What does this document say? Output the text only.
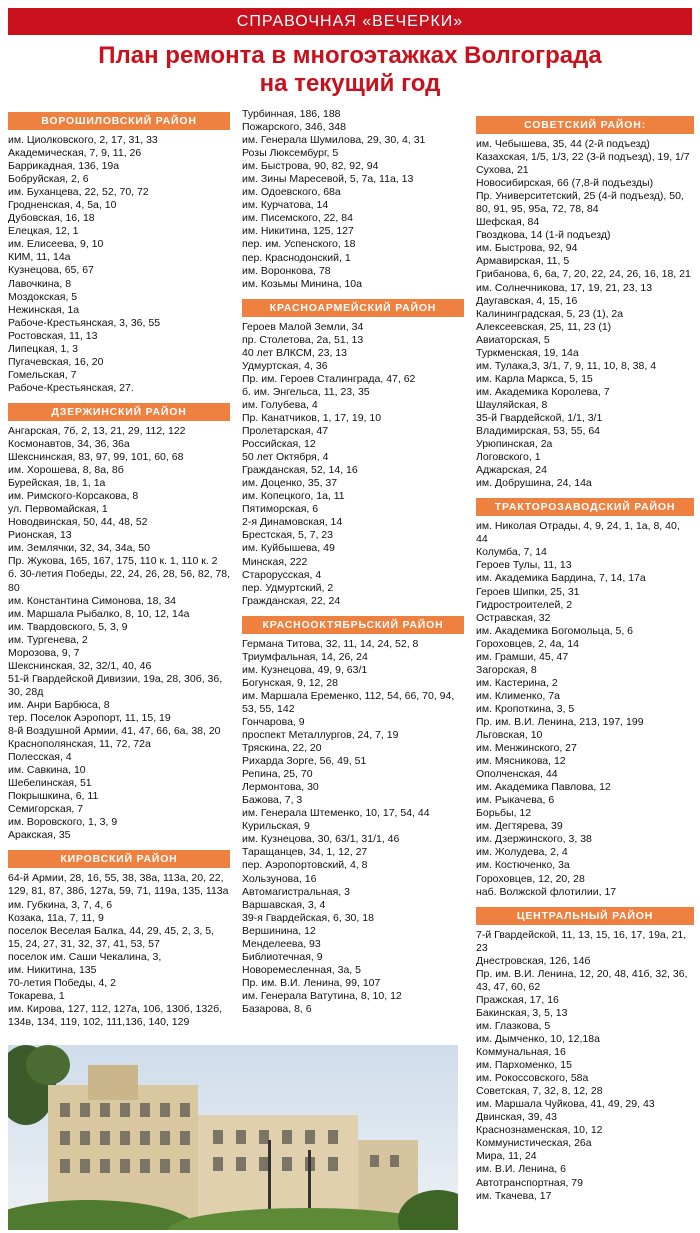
СПРАВОЧНАЯ «ВЕЧЕРКИ»
План ремонта в многоэтажках Волгограда
на текущий год
ВОРОШИЛОВСКИЙ РАЙОН
им. Циолковского, 2, 17, 31, 33
Академическая, 7, 9, 11, 26
Баррикадная, 136, 19а
Бобруйская, 2, 6
им. Буханцева, 22, 52, 70, 72
Гродненская, 4, 5а, 10
Дубовская, 16, 18
Елецкая, 12, 1
им. Елисеева, 9, 10
КИМ, 11, 14а
Кузнецова, 65, 67
Лавочкина, 8
Моздокская, 5
Нежинская, 1а
Рабоче-Крестьянская, 3, 36, 55
Ростовская, 11, 13
Липецкая, 1, 3
Пугачевская, 16, 20
Гомельская, 7
Рабоче-Крестьянская, 27.
ДЗЕРЖИНСКИЙ РАЙОН
Ангарская, 7б, 2, 13, 21, 29, 112, 122
Космонавтов, 34, 36, 36а
Шекснинская, 83, 97, 99, 101, 60, 68
им. Хорошева, 8, 8а, 8б
Бурейская, 1в, 1, 1а
им. Римского-Корсакова, 8
ул. Первомайская, 1
Новодвинская, 50, 44, 48, 52
Рионская, 13
им. Землячки, 32, 34, 34а, 50
Пр. Жукова, 165, 167, 175, 110 к. 1, 110 к. 2
б. 30-летия Победы, 22, 24, 26, 28, 56, 82, 78, 80
им. Константина Симонова, 18, 34
им. Маршала Рыбалко, 8, 10, 12, 14а
им. Твардовского, 5, 3, 9
им. Тургенева, 2
Морозова, 9, 7
Шекснинская, 32, 32/1, 40, 46
51-й Гвардейской Дивизии, 19а, 28, 30б, 36, 30, 28д
им. Анри Барбюса, 8
тер. Поселок Аэропорт, 11, 15, 19
8-й Воздушной Армии, 41, 47, 66, 6а, 38, 20
Краснополянская, 11, 72, 72а
Полесская, 4
им. Савкина, 10
Шебелинская, 51
Покрышкина, 6, 11
Семигорская, 7
им. Воровского, 1, 3, 9
Аракская, 35
КИРОВСКИЙ РАЙОН
64-й Армии, 28, 16, 55, 38, 38а, 113а, 20, 22, 129, 81, 87, 38б, 127а, 59, 71, 119а, 135, 113а
им. Губкина, 3, 7, 4, 6
Козака, 11а, 7, 11, 9
поселок Веселая Балка, 44, 29, 45, 2, 3, 5, 15, 24, 27, 31, 32, 37, 41, 53, 57
поселок им. Саши Чекалина, 3,
им. Никитина, 135
70-летия Победы, 4, 2
Токарева, 1
им. Кирова, 127, 112, 127а, 106, 130б, 132б, 134в, 134, 119, 102, 111,136, 140, 129
Турбинная, 186, 188
Пожарского, 346, 348
им. Генерала Шумилова, 29, 30, 4, 31
Розы Люксембург, 5
им. Быстрова, 90, 82, 92, 94
им. Зины Маресевой, 5, 7а, 11а, 13
им. Одоевского, 68а
им. Курчатова, 14
им. Писемского, 22, 84
им. Никитина, 125, 127
пер. им. Успенского, 18
пер. Краснодонский, 1
им. Воронкова, 78
им. Козьмы Минина, 10а
КРАСНОАРМЕЙСКИЙ РАЙОН
Героев Малой Земли, 34
пр. Столетова, 2а, 51, 13
40 лет ВЛКСМ, 23, 13
Удмуртская, 4, 36
Пр. им. Героев Сталинграда, 47, 62
б. им. Энгельса, 11, 23, 35
им. Голубева, 4
Пр. Канатчиков, 1, 17, 19, 10
Пролетарская, 47
Российская, 12
50 лет Октября, 4
Гражданская, 52, 14, 16
им. Доценко, 35, 37
им. Копецкого, 1а, 11
Пятиморская, 6
2-я Динамовская, 14
Брестская, 5, 7, 23
им. Куйбышева, 49
Минская, 222
Старорусская, 4
пер. Удмуртский, 2
Гражданская, 22, 24
КРАСНООКТЯБРЬСКИЙ РАЙОН
Германа Титова, 32, 11, 14, 24, 52, 8
Триумфальная, 14, 26, 24
им. Кузнецова, 49, 9, 63/1
Богунская, 9, 12, 28
им. Маршала Еременко, 112, 54, 66, 70, 94, 53, 55, 142
Гончарова, 9
проспект Металлургов, 24, 7, 19
Тряскина, 22, 20
Рихарда Зорге, 56, 49, 51
Репина, 25, 70
Лермонтова, 30
Бажова, 7, 3
им. Генерала Штеменко, 10, 17, 54, 44
Курильская, 9
им. Кузнецова, 30, 63/1, 31/1, 46
Таращанцев, 34, 1, 12, 27
пер. Аэропортовский, 4, 8
Хользунова, 16
Автомагистральная, 3
Варшавская, 3, 4
39-я Гвардейская, 6, 30, 18
Вершинина, 12
Менделеева, 93
Библиотечная, 9
Новоремесленная, 3а, 5
Пр. им. В.И. Ленина, 99, 107
им. Генерала Ватутина, 8, 10, 12
Базарова, 8, 6
СОВЕТСКИЙ РАЙОН:
им. Чебышева, 35, 44 (2-й подъезд)
Казахская, 1/5, 1/3, 22 (3-й подъезд), 19, 1/7
Сухова, 21
Новосибирская, 66 (7,8-й подъезды)
Пр. Университетский, 25 (4-й подъезд), 50, 80, 91, 95, 95а, 72, 78, 84
Шефская, 84
Гвоздкова, 14 (1-й подъезд)
им. Быстрова, 92, 94
Армавирская, 11, 5
Грибанова, 6, 6а, 7, 20, 22, 24, 26, 16, 18, 21
им. Солнечникова, 17, 19, 21, 23, 13
Даугавская, 4, 15, 16
Калининградская, 5, 23 (1), 2а
Алексеевская, 25, 11, 23 (1)
Авиаторская, 5
Туркменская, 19, 14а
им. Тулака,3, 3/1, 7, 9, 11, 10, 8, 38, 4
им. Карла Маркса, 5, 15
им. Академика Королева, 7
Шауляйская, 8
35-й Гвардейской, 1/1, 3/1
Владимирская, 53, 55, 64
Урюпинская, 2а
Логовского, 1
Аджарская, 24
им. Добрушина, 24, 14а
ТРАКТОРОЗАВОДСКИЙ РАЙОН
им. Николая Отрады, 4, 9, 24, 1, 1а, 8, 40, 44
Колумба, 7, 14
Героев Тулы, 11, 13
им. Академика Бардина, 7, 14, 17а
Героев Шипки, 25, 31
Гидростроителей, 2
Остравская, 32
им. Академика Богомольца, 5, 6
Гороховцев, 2, 4а, 14
им. Грамши, 45, 47
Загорская, 8
им. Кастерина, 2
им. Клименко, 7а
им. Кропоткина, 3, 5
Пр. им. В.И. Ленина, 213, 197, 199
Льговская, 10
им. Менжинского, 27
им. Мясникова, 12
Ополченская, 44
им. Академика Павлова, 12
им. Рыкачева, 6
Борьбы, 12
им. Дегтярева, 39
им. Дзержинского, 3, 38
им. Жолудева, 2, 4
им. Костюченко, 3а
Гороховцев, 12, 20, 28
наб. Волжской флотилии, 17
ЦЕНТРАЛЬНЫЙ РАЙОН
7-й Гвардейской, 11, 13, 15, 16, 17, 19а, 21, 23
Днестровская, 126, 14б
Пр. им. В.И. Ленина, 12, 20, 48, 41б, 32, 36, 43, 47, 60, 62
Пражская, 17, 16
Бакинская, 3, 5, 13
им. Глазкова, 5
им. Дымченко, 10, 12,18а
Коммунальная, 16
им. Пархоменко, 15
им. Рокоссовского, 58а
Советская, 7, 32, 8, 12, 28
им. Маршала Чуйкова, 41, 49, 29, 43
Двинская, 39, 43
Краснознаменская, 10, 12
Коммунистическая, 26а
Мира, 11, 24
им. В.И. Ленина, 6
Автотранспортная, 79
им. Ткачева, 17
